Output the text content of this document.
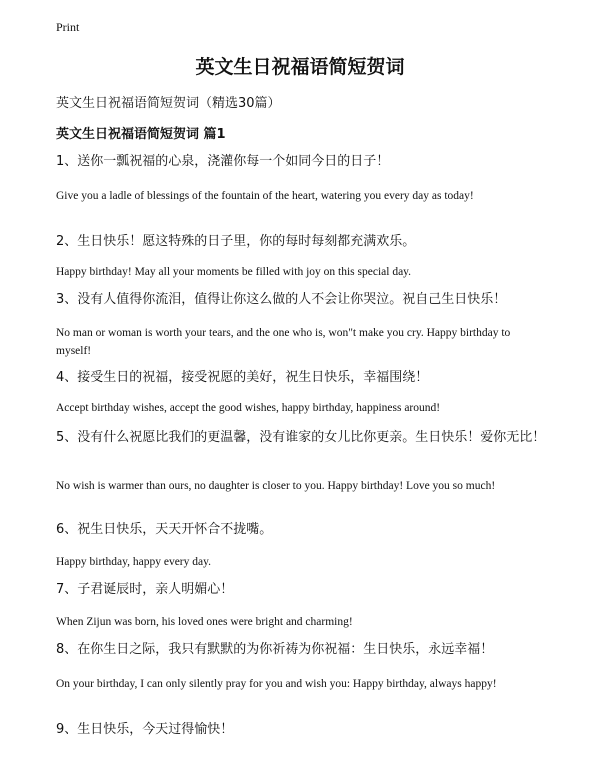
Print
英文生日祝福语简短贺词
英文生日祝福语简短贺词（精选30篇）
英文生日祝福语简短贺词 篇1
1、送你一瓢祝福的心泉，浇灌你每一个如同今日的日子！
Give you a ladle of blessings of the fountain of the heart, watering you every day as today!
2、生日快乐！愿这特殊的日子里，你的每时每刻都充满欢乐。
Happy birthday! May all your moments be filled with joy on this special day.
3、没有人值得你流泪，值得让你这么做的人不会让你哭泣。祝自己生日快乐！
No man or woman is worth your tears, and the one who is, won"t make you cry. Happy birthday to myself!
4、接受生日的祝福，接受祝愿的美好，祝生日快乐，幸福围绕！
Accept birthday wishes, accept the good wishes, happy birthday, happiness around!
5、没有什么祝愿比我们的更温馨，没有谁家的女儿比你更亲。生日快乐！爱你无比！
No wish is warmer than ours, no daughter is closer to you. Happy birthday! Love you so much!
6、祝生日快乐，天天开怀合不拢嘴。
Happy birthday, happy every day.
7、子君诞辰时，亲人明媚心！
When Zijun was born, his loved ones were bright and charming!
8、在你生日之际，我只有默默的为你祈祷为你祝福：生日快乐，永远幸福！
On your birthday, I can only silently pray for you and wish you: Happy birthday, always happy!
9、生日快乐，今天过得愉快！
